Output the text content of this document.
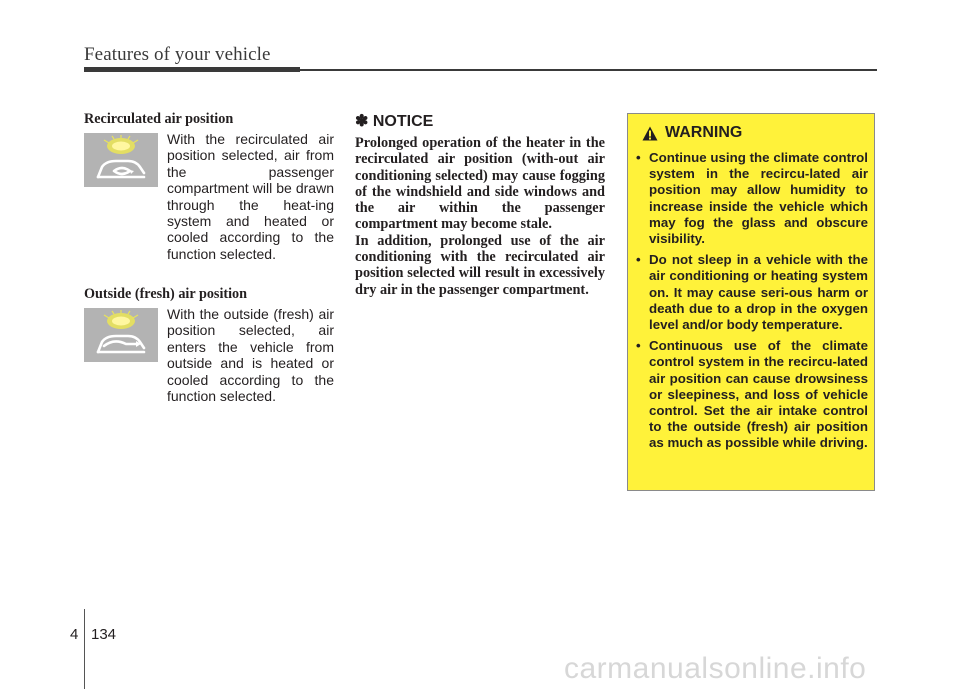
Features of your vehicle
Recirculated air position
With the recirculated air position selected, air from the passenger compartment will be drawn through the heat-ing system and heated or cooled according to the function selected.
Outside (fresh) air position
With the outside (fresh) air position selected, air enters the vehicle from outside and is heated or cooled according to the function selected.
✽ NOTICE

Prolonged operation of the heater in the recirculated air position (with-out air conditioning selected) may cause fogging of the windshield and side windows and the air within the passenger compartment may become stale.

In addition, prolonged use of the air conditioning with the recirculated air position selected will result in excessively dry air in the passenger compartment.

WARNING
• Continue using the climate control system in the recircu-lated air position may allow humidity to increase inside the vehicle which may fog the glass and obscure visibility.
• Do not sleep in a vehicle with the air conditioning or heating system on. It may cause seri-ous harm or death due to a drop in the oxygen level and/or body temperature.
• Continuous use of the climate control system in the recircu-lated air position can cause drowsiness or sleepiness, and loss of vehicle control. Set the air intake control to the outside (fresh) air position as much as possible while driving.
4 134
carmanualsonline.info
